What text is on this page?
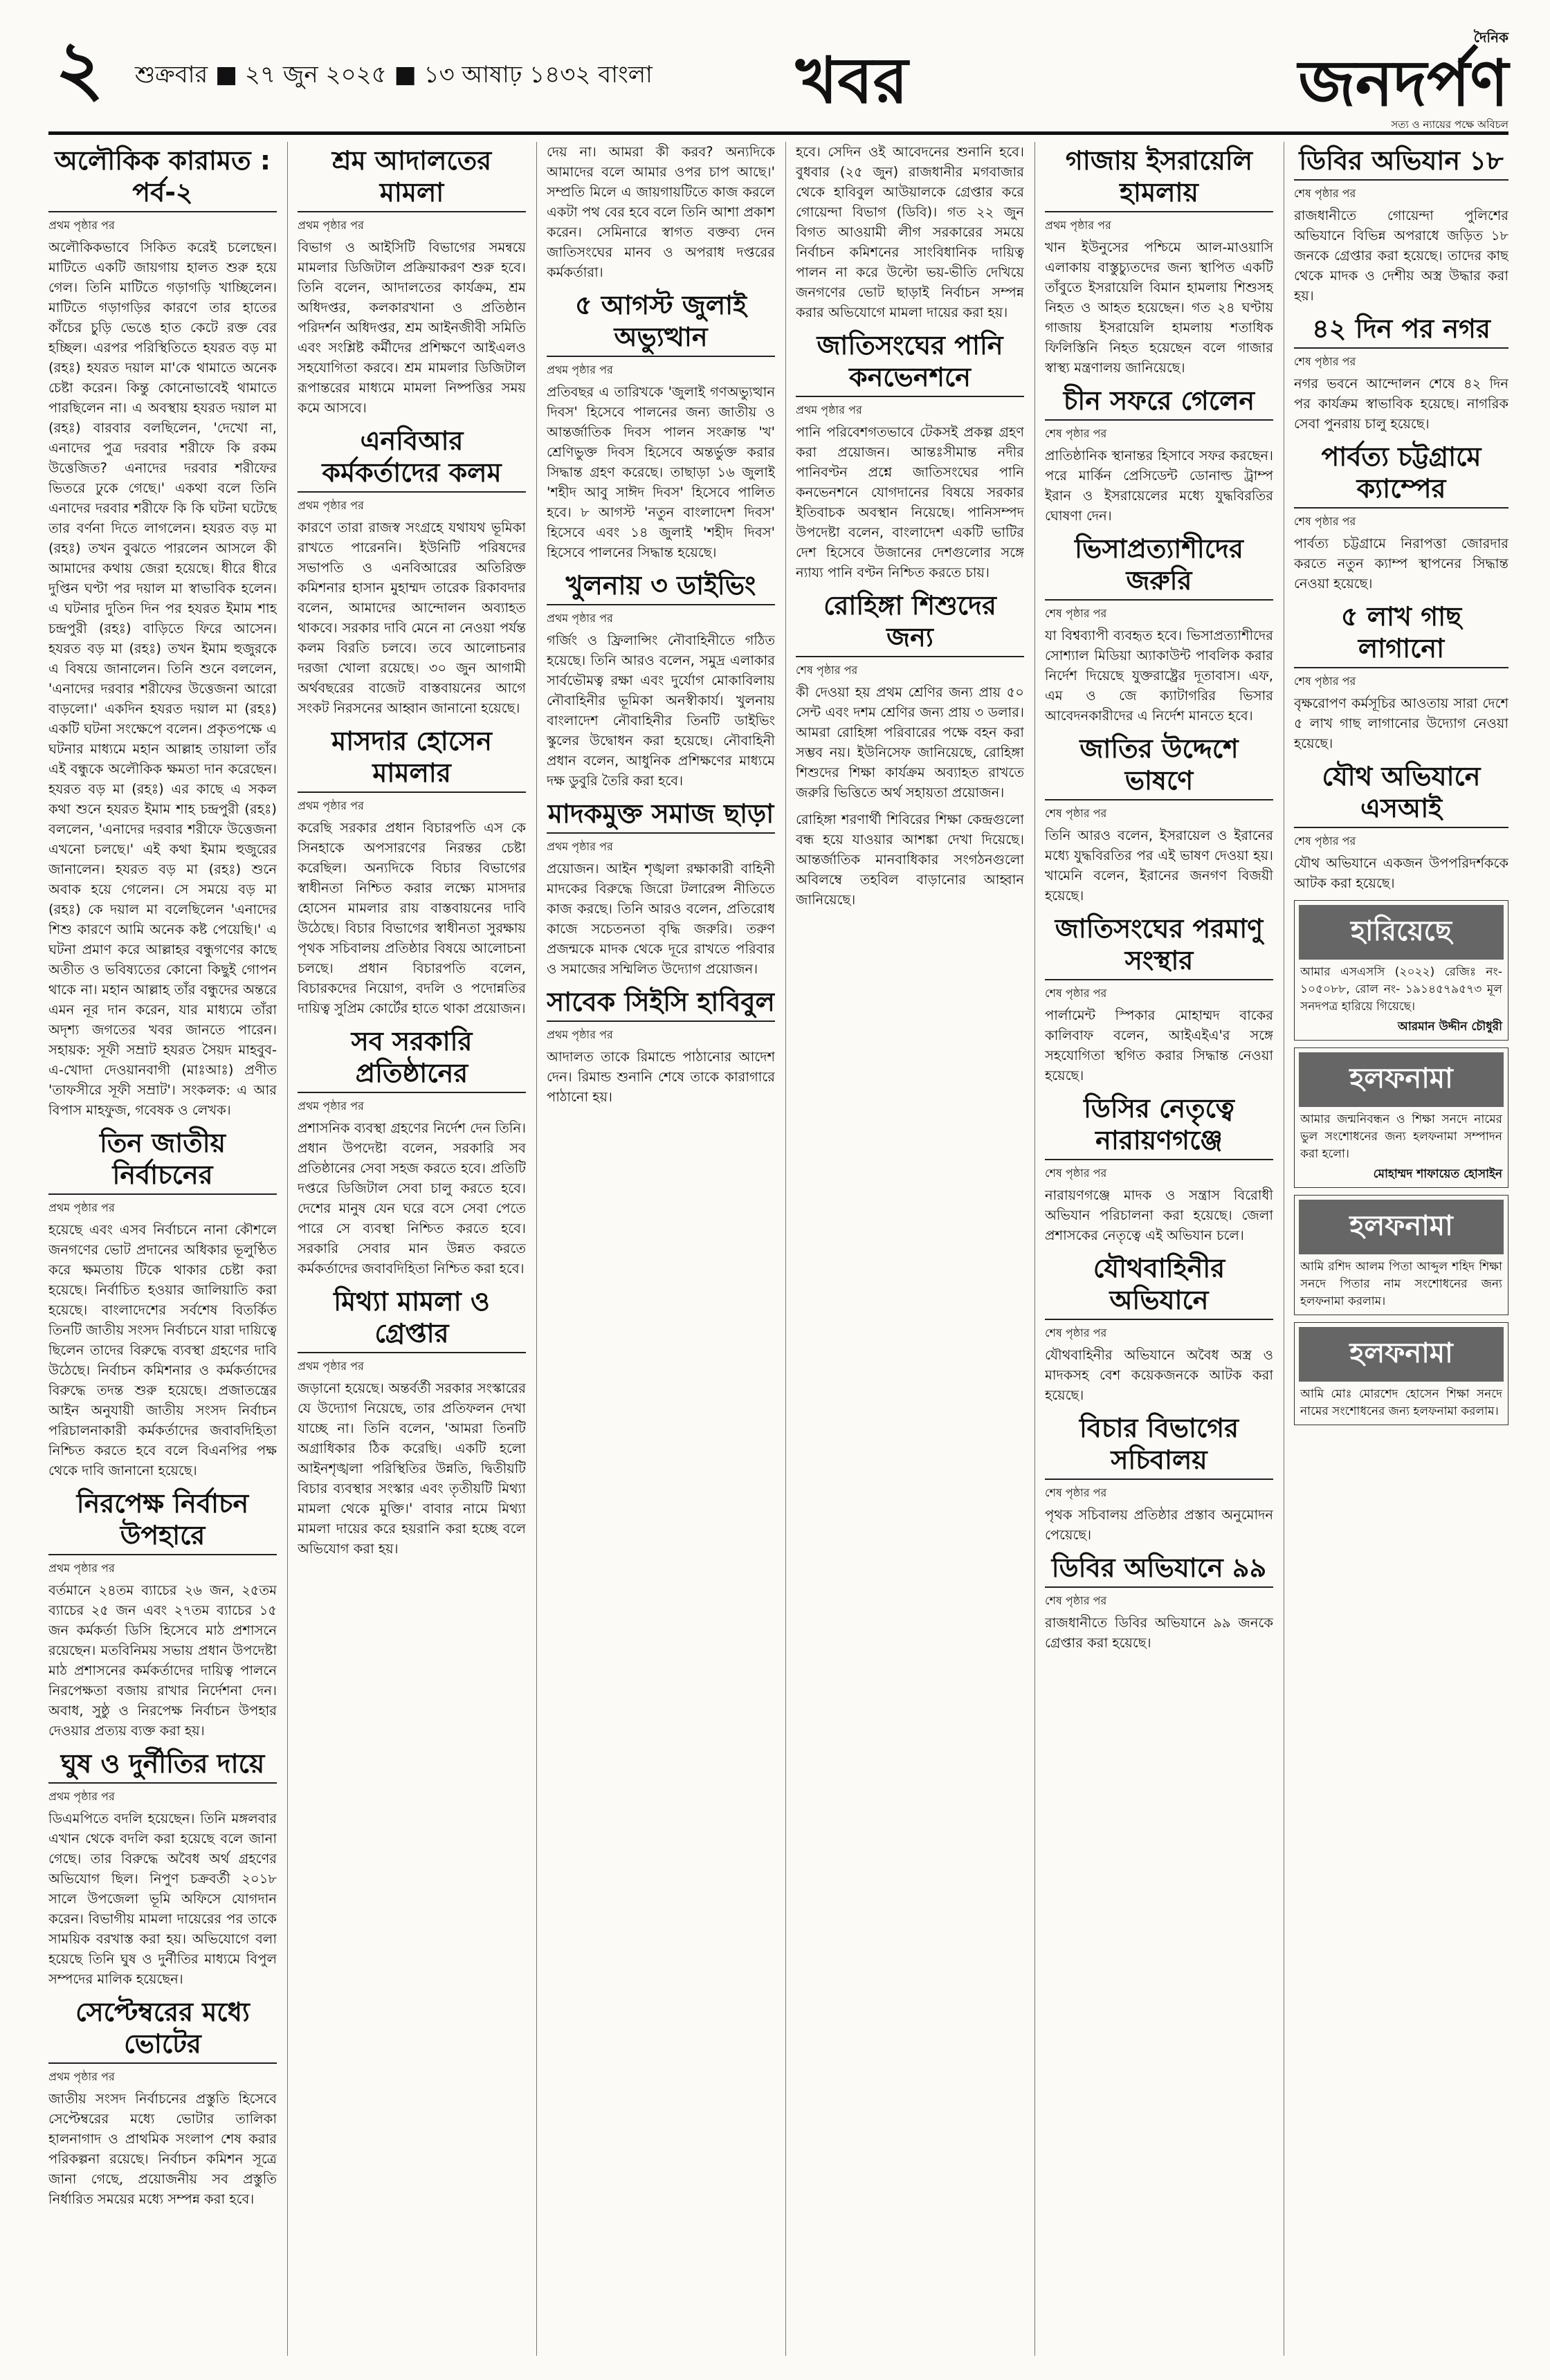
২ শুক্রবার ■ ২৭ জুন ২০২৫ ■ ১৩ আষাঢ় ১৪৩২ বাংলা খবর
দৈনিক
জনদর্পণ
সত্য ও ন্যায়ের পক্ষে অবিচল
অলৌকিক কারামত : পর্ব-২
প্রথম পৃষ্ঠার পর

অলৌকিকভাবে সিকিত করেই চলেছেন। মাটিতে একটি জায়গায় হালত শুরু হয়ে গেল। তিনি মাটিতে গড়াগড়ি খাচ্ছিলেন। মাটিতে গড়াগড়ির কারণে তার হাতের কাঁচের চুড়ি ভেঙে হাত কেটে রক্ত বের হচ্ছিল। এরপর পরিস্থিতিতে হযরত বড় মা (রহঃ) হযরত দয়াল মা'কে থামাতে অনেক চেষ্টা করেন। কিন্তু কোনোভাবেই থামাতে পারছিলেন না। এ অবস্থায় হযরত দয়াল মা (রহঃ) বারবার বলছিলেন, 'দেখো না, এনাদের পুত্র দরবার শরীফে কি রকম উত্তেজিত? এনাদের দরবার শরীফের ভিতরে ঢুকে গেছে।' একথা বলে তিনি এনাদের দরবার শরীফে কি কি ঘটনা ঘটেছে তার বর্ণনা দিতে লাগলেন। হযরত বড় মা (রহঃ) তখন বুঝতে পারলেন আসলে কী আমাদের কথায় জেরা হয়েছে। ধীরে ধীরে দুপ্তিন ঘণ্টা পর দয়াল মা স্বাভাবিক হলেন। এ ঘটনার দুতিন দিন পর হযরত ইমাম শাহ চন্দ্রপুরী (রহঃ) বাড়িতে ফিরে আসেন। হযরত বড় মা (রহঃ) তখন ইমাম হুজুরকে এ বিষয়ে জানালেন। তিনি শুনে বললেন, 'এনাদের দরবার শরীফের উত্তেজনা আরো বাড়লো।' একদিন হযরত দয়াল মা (রহঃ) একটি ঘটনা সংক্ষেপে বলেন। প্রকৃতপক্ষে এ ঘটনার মাধ্যমে মহান আল্লাহ তায়ালা তাঁর এই বন্ধুকে অলৌকিক ক্ষমতা দান করেছেন। হযরত বড় মা (রহঃ) এর কাছে এ সকল কথা শুনে হযরত ইমাম শাহ চন্দ্রপুরী (রহঃ) বললেন, 'এনাদের দরবার শরীফে উত্তেজনা এখনো চলছে।' এই কথা ইমাম হুজুরের জানালেন। হযরত বড় মা (রহঃ) শুনে অবাক হয়ে গেলেন। সে সময়ে বড় মা (রহঃ) কে দয়াল মা বলেছিলেন 'এনাদের শিশু কারণে আমি অনেক কষ্ট পেয়েছি।' এ ঘটনা প্রমাণ করে আল্লাহর বন্ধুগণের কাছে অতীত ও ভবিষ্যতের কোনো কিছুই গোপন থাকে না। মহান আল্লাহ তাঁর বন্ধুদের অন্তরে এমন নূর দান করেন, যার মাধ্যমে তাঁরা অদৃশ্য জগতের খবর জানতে পারেন। সহায়ক: সূফী সম্রাট হযরত সৈয়দ মাহবুব-এ-খোদা দেওয়ানবাগী (মাঃআঃ) প্রণীত 'তাফসীরে সূফী সম্রাট'। সংকলক: এ আর বিপাস মাহফুজ, গবেষক ও লেখক।

তিন জাতীয় নির্বাচনের
প্রথম পৃষ্ঠার পর

হয়েছে এবং এসব নির্বাচনে নানা কৌশলে জনগণের ভোট প্রদানের অধিকার ভূলুণ্ঠিত করে ক্ষমতায় টিকে থাকার চেষ্টা করা হয়েছে। নির্বাচিত হওয়ার জালিয়াতি করা হয়েছে। বাংলাদেশের সর্বশেষ বিতর্কিত তিনটি জাতীয় সংসদ নির্বাচনে যারা দায়িত্বে ছিলেন তাদের বিরুদ্ধে ব্যবস্থা গ্রহণের দাবি উঠেছে। নির্বাচন কমিশনার ও কর্মকর্তাদের বিরুদ্ধে তদন্ত শুরু হয়েছে। প্রজাতন্ত্রের আইন অনুযায়ী জাতীয় সংসদ নির্বাচন পরিচালনাকারী কর্মকর্তাদের জবাবদিহিতা নিশ্চিত করতে হবে বলে বিএনপির পক্ষ থেকে দাবি জানানো হয়েছে।

নিরপেক্ষ নির্বাচন উপহারে
প্রথম পৃষ্ঠার পর

বর্তমানে ২৪তম ব্যাচের ২৬ জন, ২৫তম ব্যাচের ২৫ জন এবং ২৭তম ব্যাচের ১৫ জন কর্মকর্তা ডিসি হিসেবে মাঠ প্রশাসনে রয়েছেন। মতবিনিময় সভায় প্রধান উপদেষ্টা মাঠ প্রশাসনের কর্মকর্তাদের দায়িত্ব পালনে নিরপেক্ষতা বজায় রাখার নির্দেশনা দেন। অবাধ, সুষ্ঠু ও নিরপেক্ষ নির্বাচন উপহার দেওয়ার প্রত্যয় ব্যক্ত করা হয়।

ঘুষ ও দুর্নীতির দায়ে
প্রথম পৃষ্ঠার পর

ডিএমপিতে বদলি হয়েছেন। তিনি মঙ্গলবার এখান থেকে বদলি করা হয়েছে বলে জানা গেছে। তার বিরুদ্ধে অবৈধ অর্থ গ্রহণের অভিযোগ ছিল। নিপুণ চক্রবর্তী ২০১৮ সালে উপজেলা ভূমি অফিসে যোগদান করেন। বিভাগীয় মামলা দায়েরের পর তাকে সাময়িক বরখাস্ত করা হয়। অভিযোগে বলা হয়েছে তিনি ঘুষ ও দুর্নীতির মাধ্যমে বিপুল সম্পদের মালিক হয়েছেন।

সেপ্টেম্বরের মধ্যে ভোটের
প্রথম পৃষ্ঠার পর

জাতীয় সংসদ নির্বাচনের প্রস্তুতি হিসেবে সেপ্টেম্বরের মধ্যে ভোটার তালিকা হালনাগাদ ও প্রাথমিক সংলাপ শেষ করার পরিকল্পনা রয়েছে। নির্বাচন কমিশন সূত্রে জানা গেছে, প্রয়োজনীয় সব প্রস্তুতি নির্ধারিত সময়ের মধ্যে সম্পন্ন করা হবে।

শ্রম আদালতের মামলা
প্রথম পৃষ্ঠার পর

বিভাগ ও আইসিটি বিভাগের সমন্বয়ে মামলার ডিজিটাল প্রক্রিয়াকরণ শুরু হবে। তিনি বলেন, আদালতের কার্যক্রম, শ্রম অধিদপ্তর, কলকারখানা ও প্রতিষ্ঠান পরিদর্শন অধিদপ্তর, শ্রম আইনজীবী সমিতি এবং সংশ্লিষ্ট কর্মীদের প্রশিক্ষণে আইএলও সহযোগিতা করবে। শ্রম মামলার ডিজিটাল রূপান্তরের মাধ্যমে মামলা নিষ্পত্তির সময় কমে আসবে।

এনবিআর কর্মকর্তাদের কলম
প্রথম পৃষ্ঠার পর

কারণে তারা রাজস্ব সংগ্রহে যথাযথ ভূমিকা রাখতে পারেননি। ইউনিটি পরিষদের সভাপতি ও এনবিআরের অতিরিক্ত কমিশনার হাসান মুহাম্মদ তারেক রিকাবদার বলেন, আমাদের আন্দোলন অব্যাহত থাকবে। সরকার দাবি মেনে না নেওয়া পর্যন্ত কলম বিরতি চলবে। তবে আলোচনার দরজা খোলা রয়েছে। ৩০ জুন আগামী অর্থবছরের বাজেট বাস্তবায়নের আগে সংকট নিরসনের আহ্বান জানানো হয়েছে।

মাসদার হোসেন মামলার
প্রথম পৃষ্ঠার পর

করেছি সরকার প্রধান বিচারপতি এস কে সিনহাকে অপসারণের নিরন্তর চেষ্টা করেছিল। অন্যদিকে বিচার বিভাগের স্বাধীনতা নিশ্চিত করার লক্ষ্যে মাসদার হোসেন মামলার রায় বাস্তবায়নের দাবি উঠেছে। বিচার বিভাগের স্বাধীনতা সুরক্ষায় পৃথক সচিবালয় প্রতিষ্ঠার বিষয়ে আলোচনা চলছে। প্রধান বিচারপতি বলেন, বিচারকদের নিয়োগ, বদলি ও পদোন্নতির দায়িত্ব সুপ্রিম কোর্টের হাতে থাকা প্রয়োজন।

সব সরকারি প্রতিষ্ঠানের
প্রথম পৃষ্ঠার পর

প্রশাসনিক ব্যবস্থা গ্রহণের নির্দেশ দেন তিনি। প্রধান উপদেষ্টা বলেন, সরকারি সব প্রতিষ্ঠানের সেবা সহজ করতে হবে। প্রতিটি দপ্তরে ডিজিটাল সেবা চালু করতে হবে। দেশের মানুষ যেন ঘরে বসে সেবা পেতে পারে সে ব্যবস্থা নিশ্চিত করতে হবে। সরকারি সেবার মান উন্নত করতে কর্মকর্তাদের জবাবদিহিতা নিশ্চিত করা হবে।

মিথ্যা মামলা ও গ্রেপ্তার
প্রথম পৃষ্ঠার পর

জড়ানো হয়েছে। অন্তর্বর্তী সরকার সংস্কারের যে উদ্যোগ নিয়েছে, তার প্রতিফলন দেখা যাচ্ছে না। তিনি বলেন, 'আমরা তিনটি অগ্রাধিকার ঠিক করেছি। একটি হলো আইনশৃঙ্খলা পরিস্থিতির উন্নতি, দ্বিতীয়টি বিচার ব্যবস্থার সংস্কার এবং তৃতীয়টি মিথ্যা মামলা থেকে মুক্তি।' বাবার নামে মিথ্যা মামলা দায়ের করে হয়রানি করা হচ্ছে বলে অভিযোগ করা হয়।

দেয় না। আমরা কী করব? অন্যদিকে আমাদের বলে আমার ওপর চাপ আছে।' সম্প্রতি মিলে এ জায়গায়টিতে কাজ করলে একটা পথ বের হবে বলে তিনি আশা প্রকাশ করেন। সেমিনারে স্বাগত বক্তব্য দেন জাতিসংঘের মানব ও অপরাধ দপ্তরের কর্মকর্তারা।

৫ আগস্ট জুলাই অভ্যুত্থান
প্রথম পৃষ্ঠার পর

প্রতিবছর এ তারিখকে 'জুলাই গণঅভ্যুত্থান দিবস' হিসেবে পালনের জন্য জাতীয় ও আন্তর্জাতিক দিবস পালন সংক্রান্ত 'খ' শ্রেণিভুক্ত দিবস হিসেবে অন্তর্ভুক্ত করার সিদ্ধান্ত গ্রহণ করেছে। তাছাড়া ১৬ জুলাই 'শহীদ আবু সাঈদ দিবস' হিসেবে পালিত হবে। ৮ আগস্ট 'নতুন বাংলাদেশ দিবস' হিসেবে এবং ১৪ জুলাই 'শহীদ দিবস' হিসেবে পালনের সিদ্ধান্ত হয়েছে।

খুলনায় ৩ ডাইভিং
প্রথম পৃষ্ঠার পর

গর্জিং ও ফ্রিলান্সিং নৌবাহিনীতে গঠিত হয়েছে। তিনি আরও বলেন, সমুদ্র এলাকার সার্বভৌমত্ব রক্ষা এবং দুর্যোগ মোকাবিলায় নৌবাহিনীর ভূমিকা অনস্বীকার্য। খুলনায় বাংলাদেশ নৌবাহিনীর তিনটি ডাইভিং স্কুলের উদ্বোধন করা হয়েছে। নৌবাহিনী প্রধান বলেন, আধুনিক প্রশিক্ষণের মাধ্যমে দক্ষ ডুবুরি তৈরি করা হবে।

মাদকমুক্ত সমাজ ছাড়া
প্রথম পৃষ্ঠার পর

প্রয়োজন। আইন শৃঙ্খলা রক্ষাকারী বাহিনী মাদকের বিরুদ্ধে জিরো টলারেন্স নীতিতে কাজ করছে। তিনি আরও বলেন, প্রতিরোধ কাজে সচেতনতা বৃদ্ধি জরুরি। তরুণ প্রজন্মকে মাদক থেকে দূরে রাখতে পরিবার ও সমাজের সম্মিলিত উদ্যোগ প্রয়োজন।

সাবেক সিইসি হাবিবুল
প্রথম পৃষ্ঠার পর

আদালত তাকে রিমান্ডে পাঠানোর আদেশ দেন। রিমান্ড শুনানি শেষে তাকে কারাগারে পাঠানো হয়।

হবে। সেদিন ওই আবেদনের শুনানি হবে। বুধবার (২৫ জুন) রাজধানীর মগবাজার থেকে হাবিবুল আউয়ালকে গ্রেপ্তার করে গোয়েন্দা বিভাগ (ডিবি)। গত ২২ জুন বিগত আওয়ামী লীগ সরকারের সময়ে নির্বাচন কমিশনের সাংবিধানিক দায়িত্ব পালন না করে উল্টো ভয়-ভীতি দেখিয়ে জনগণের ভোট ছাড়াই নির্বাচন সম্পন্ন করার অভিযোগে মামলা দায়ের করা হয়।

জাতিসংঘের পানি কনভেনশনে
প্রথম পৃষ্ঠার পর

পানি পরিবেশগতভাবে টেকসই প্রকল্প গ্রহণ করা প্রয়োজন। আন্তঃসীমান্ত নদীর পানিবণ্টন প্রশ্নে জাতিসংঘের পানি কনভেনশনে যোগদানের বিষয়ে সরকার ইতিবাচক অবস্থান নিয়েছে। পানিসম্পদ উপদেষ্টা বলেন, বাংলাদেশ একটি ভাটির দেশ হিসেবে উজানের দেশগুলোর সঙ্গে ন্যায্য পানি বণ্টন নিশ্চিত করতে চায়।

রোহিঙ্গা শিশুদের জন্য
শেষ পৃষ্ঠার পর

কী দেওয়া হয় প্রথম শ্রেণির জন্য প্রায় ৫০ সেন্ট এবং দশম শ্রেণির জন্য প্রায় ৩ ডলার। আমরা রোহিঙ্গা পরিবারের পক্ষে বহন করা সম্ভব নয়। ইউনিসেফ জানিয়েছে, রোহিঙ্গা শিশুদের শিক্ষা কার্যক্রম অব্যাহত রাখতে জরুরি ভিত্তিতে অর্থ সহায়তা প্রয়োজন।

রোহিঙ্গা শরণার্থী শিবিরের শিক্ষা কেন্দ্রগুলো বন্ধ হয়ে যাওয়ার আশঙ্কা দেখা দিয়েছে। আন্তর্জাতিক মানবাধিকার সংগঠনগুলো অবিলম্বে তহবিল বাড়ানোর আহ্বান জানিয়েছে।

গাজায় ইসরায়েলি হামলায়
প্রথম পৃষ্ঠার পর

খান ইউনুসের পশ্চিমে আল-মাওয়াসি এলাকায় বাস্তুচ্যুতদের জন্য স্থাপিত একটি তাঁবুতে ইসরায়েলি বিমান হামলায় শিশুসহ নিহত ও আহত হয়েছেন। গত ২৪ ঘণ্টায় গাজায় ইসরায়েলি হামলায় শতাধিক ফিলিস্তিনি নিহত হয়েছেন বলে গাজার স্বাস্থ্য মন্ত্রণালয় জানিয়েছে।

চীন সফরে গেলেন
শেষ পৃষ্ঠার পর

প্রাতিষ্ঠানিক স্থানান্তর হিসাবে সফর করছেন। পরে মার্কিন প্রেসিডেন্ট ডোনাল্ড ট্রাম্প ইরান ও ইসরায়েলের মধ্যে যুদ্ধবিরতির ঘোষণা দেন।

ভিসাপ্রত্যাশীদের জরুরি
শেষ পৃষ্ঠার পর

যা বিশ্বব্যাপী ব্যবহৃত হবে। ভিসাপ্রত্যাশীদের সোশ্যাল মিডিয়া অ্যাকাউন্ট পাবলিক করার নির্দেশ দিয়েছে যুক্তরাষ্ট্রের দূতাবাস। এফ, এম ও জে ক্যাটাগরির ভিসার আবেদনকারীদের এ নির্দেশ মানতে হবে।

জাতির উদ্দেশে ভাষণে
শেষ পৃষ্ঠার পর

তিনি আরও বলেন, ইসরায়েল ও ইরানের মধ্যে যুদ্ধবিরতির পর এই ভাষণ দেওয়া হয়। খামেনি বলেন, ইরানের জনগণ বিজয়ী হয়েছে।

জাতিসংঘের পরমাণু সংস্থার
শেষ পৃষ্ঠার পর

পার্লামেন্ট স্পিকার মোহাম্মদ বাকের কালিবাফ বলেন, আইএইএ'র সঙ্গে সহযোগিতা স্থগিত করার সিদ্ধান্ত নেওয়া হয়েছে।

ডিসির নেতৃত্বে নারায়ণগঞ্জে
শেষ পৃষ্ঠার পর

নারায়ণগঞ্জে মাদক ও সন্ত্রাস বিরোধী অভিযান পরিচালনা করা হয়েছে। জেলা প্রশাসকের নেতৃত্বে এই অভিযান চলে।

যৌথবাহিনীর অভিযানে
শেষ পৃষ্ঠার পর

যৌথবাহিনীর অভিযানে অবৈধ অস্ত্র ও মাদকসহ বেশ কয়েকজনকে আটক করা হয়েছে।

বিচার বিভাগের সচিবালয়
শেষ পৃষ্ঠার পর

পৃথক সচিবালয় প্রতিষ্ঠার প্রস্তাব অনুমোদন পেয়েছে।

ডিবির অভিযানে ৯৯
শেষ পৃষ্ঠার পর

রাজধানীতে ডিবির অভিযানে ৯৯ জনকে গ্রেপ্তার করা হয়েছে।

ডিবির অভিযান ১৮
শেষ পৃষ্ঠার পর

রাজধানীতে গোয়েন্দা পুলিশের অভিযানে বিভিন্ন অপরাধে জড়িত ১৮ জনকে গ্রেপ্তার করা হয়েছে। তাদের কাছ থেকে মাদক ও দেশীয় অস্ত্র উদ্ধার করা হয়।

৪২ দিন পর নগর
শেষ পৃষ্ঠার পর

নগর ভবনে আন্দোলন শেষে ৪২ দিন পর কার্যক্রম স্বাভাবিক হয়েছে। নাগরিক সেবা পুনরায় চালু হয়েছে।

পার্বত্য চট্টগ্রামে ক্যাম্পের
শেষ পৃষ্ঠার পর

পার্বত্য চট্টগ্রামে নিরাপত্তা জোরদার করতে নতুন ক্যাম্প স্থাপনের সিদ্ধান্ত নেওয়া হয়েছে।

৫ লাখ গাছ লাগানো
শেষ পৃষ্ঠার পর

বৃক্ষরোপণ কর্মসূচির আওতায় সারা দেশে ৫ লাখ গাছ লাগানোর উদ্যোগ নেওয়া হয়েছে।

যৌথ অভিযানে এসআই
শেষ পৃষ্ঠার পর

যৌথ অভিযানে একজন উপপরিদর্শককে আটক করা হয়েছে।

হারিয়েছে

আমার এসএসসি (২০২২) রেজিঃ নং- ১০৫০৮৮, রোল নং- ১৯১৪৫৭৯৫৭৩ মূল সনদপত্র হারিয়ে গিয়েছে।

আরমান উদ্দীন চৌধুরী

হলফনামা

আমার জন্মনিবন্ধন ও শিক্ষা সনদে নামের ভুল সংশোধনের জন্য হলফনামা সম্পাদন করা হলো।

মোহাম্মদ শাফায়েত হোসাইন

হলফনামা

আমি রশিদ আলম পিতা আব্দুল শহিদ শিক্ষা সনদে পিতার নাম সংশোধনের জন্য হলফনামা করলাম।

হলফনামা

আমি মোঃ মোরশেদ হোসেন শিক্ষা সনদে নামের সংশোধনের জন্য হলফনামা করলাম।
